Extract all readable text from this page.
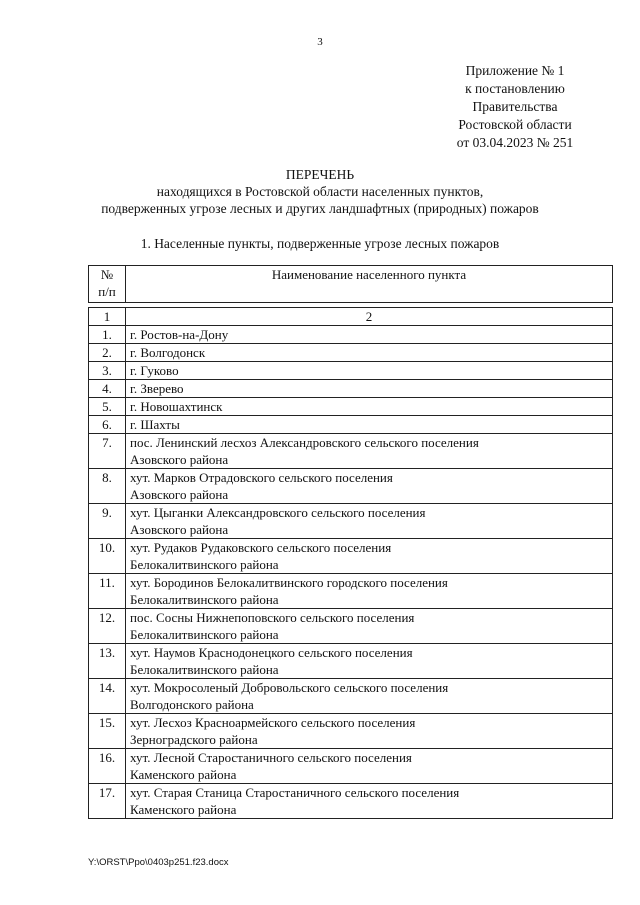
3
Приложение № 1
к постановлению
Правительства
Ростовской области
от 03.04.2023 № 251
ПЕРЕЧЕНЬ
находящихся в Ростовской области населенных пунктов,
подверженных угрозе лесных и других ландшафтных (природных) пожаров
1. Населенные пункты, подверженные угрозе лесных пожаров
№
п/п
	Наименование населенного пункта
1	2
1.	г. Ростов-на-Дону

2.	г. Волгодонск

3.	г. Гуково

4.	г. Зверево

5.	г. Новошахтинск

6.	г. Шахты

7.	пос. Ленинский лесхоз Александровского сельского поселения
Азовского района

8.	хут. Марков Отрадовского сельского поселения
Азовского района

9.	хут. Цыганки Александровского сельского поселения
Азовского района

10.	хут. Рудаков Рудаковского сельского поселения
Белокалитвинского района

11.	хут. Бородинов Белокалитвинского городского поселения
Белокалитвинского района

12.	пос. Сосны Нижнепоповского сельского поселения
Белокалитвинского района

13.	хут. Наумов Краснодонецкого сельского поселения
Белокалитвинского района

14.	хут. Мокросоленый Добровольского сельского поселения
Волгодонского района

15.	хут. Лесхоз Красноармейского сельского поселения
Зерноградского района

16.	хут. Лесной Старостаничного сельского поселения
Каменского района

17.	хут. Старая Станица Старостаничного сельского поселения
Каменского района
Y:\ORST\Ppo\0403p251.f23.docx
